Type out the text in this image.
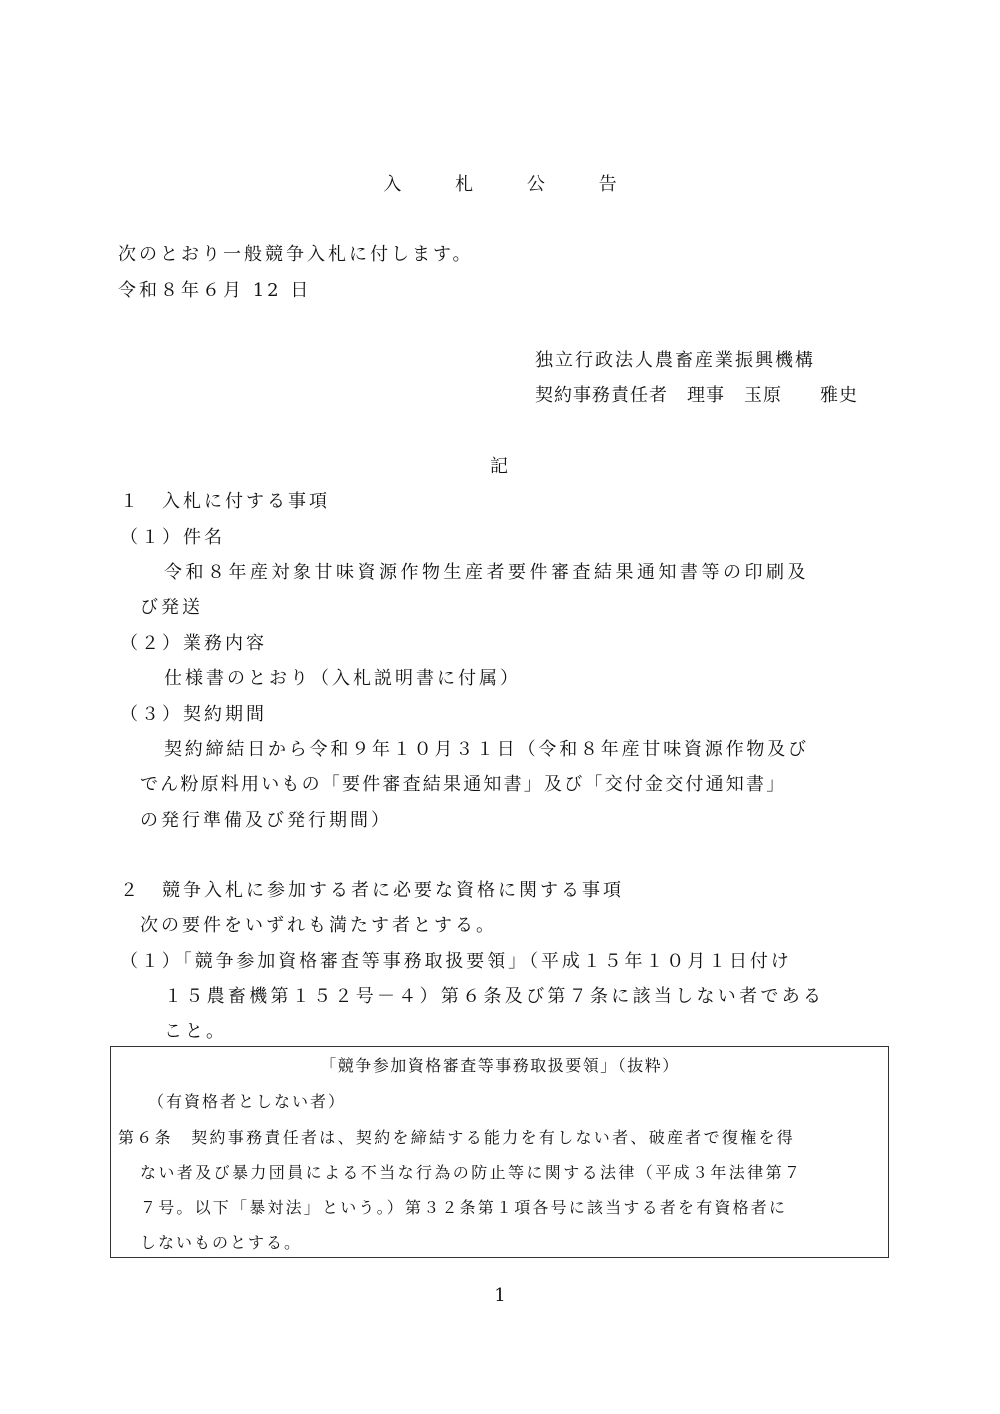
入	札	公	告
次のとおり一般競争入札に付します。
令和８年６月 12 日
独立行政法人農畜産業振興機構
契約事務責任者　理事　玉原　　雅史
記
１　入札に付する事項
（１）件名
令和８年産対象甘味資源作物生産者要件審査結果通知書等の印刷及
び発送
（２）業務内容
仕様書のとおり（入札説明書に付属）
（３）契約期間
契約締結日から令和９年１０月３１日（令和８年産甘味資源作物及び
でん粉原料用いもの「要件審査結果通知書」及び「交付金交付通知書」
の発行準備及び発行期間）
２　競争入札に参加する者に必要な資格に関する事項
次の要件をいずれも満たす者とする。
（１）「競争参加資格審査等事務取扱要領」（平成１５年１０月１日付け
１５農畜機第１５２号－４）第６条及び第７条に該当しない者である
こと。
「競争参加資格審査等事務取扱要領」（抜粋）
（有資格者としない者）
第６条　契約事務責任者は、契約を締結する能力を有しない者、破産者で復権を得
ない者及び暴力団員による不当な行為の防止等に関する法律（平成３年法律第７
７号。以下「暴対法」という。）第３２条第１項各号に該当する者を有資格者に
しないものとする。
1
